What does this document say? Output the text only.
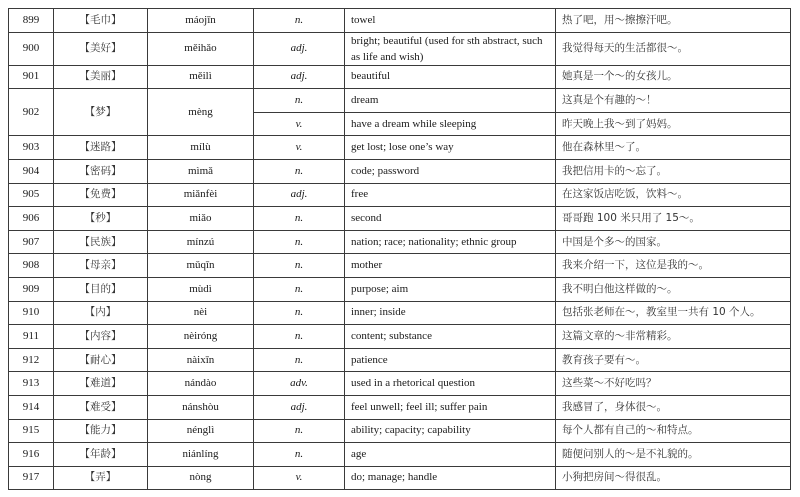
899	【毛巾】	máojīn	n.	towel	热了吧，用～擦擦汗吧。
900	【美好】	měihǎo	adj.	bright; beautiful (used for sth abstract, such as life and wish)	我觉得每天的生活都很～。
901	【美丽】	měilì	adj.	beautiful	她真是一个～的女孩儿。
902	【梦】	mèng	n.	dream	这真是个有趣的～！
			v.	have a dream while sleeping	昨天晚上我～到了妈妈。
903	【迷路】	mílù	v.	get lost; lose one’s way	他在森林里～了。
904	【密码】	mìmǎ	n.	code; password	我把信用卡的～忘了。
905	【免费】	miǎnfèi	adj.	free	在这家饭店吃饭，饮料～。
906	【秒】	miǎo	n.	second	哥哥跑 100 米只用了 15～。
907	【民族】	mínzú	n.	nation; race; nationality; ethnic group	中国是个多～的国家。
908	【母亲】	mǔqīn	n.	mother	我来介绍一下，这位是我的～。
909	【目的】	mùdì	n.	purpose; aim	我不明白他这样做的～。
910	【内】	nèi	n.	inner; inside	包括张老师在～，教室里一共有 10 个人。
911	【内容】	nèiróng	n.	content; substance	这篇文章的～非常精彩。
912	【耐心】	nàixīn	n.	patience	教育孩子要有～。
913	【难道】	nándào	adv.	used in a rhetorical question	这些菜～不好吃吗？
914	【难受】	nánshòu	adj.	feel unwell; feel ill; suffer pain	我感冒了，身体很～。
915	【能力】	nénglì	n.	ability; capacity; capability	每个人都有自己的～和特点。
916	【年龄】	niánlíng	n.	age	随便问别人的～是不礼貌的。
917	【弄】	nòng	v.	do; manage; handle	小狗把房间～得很乱。
